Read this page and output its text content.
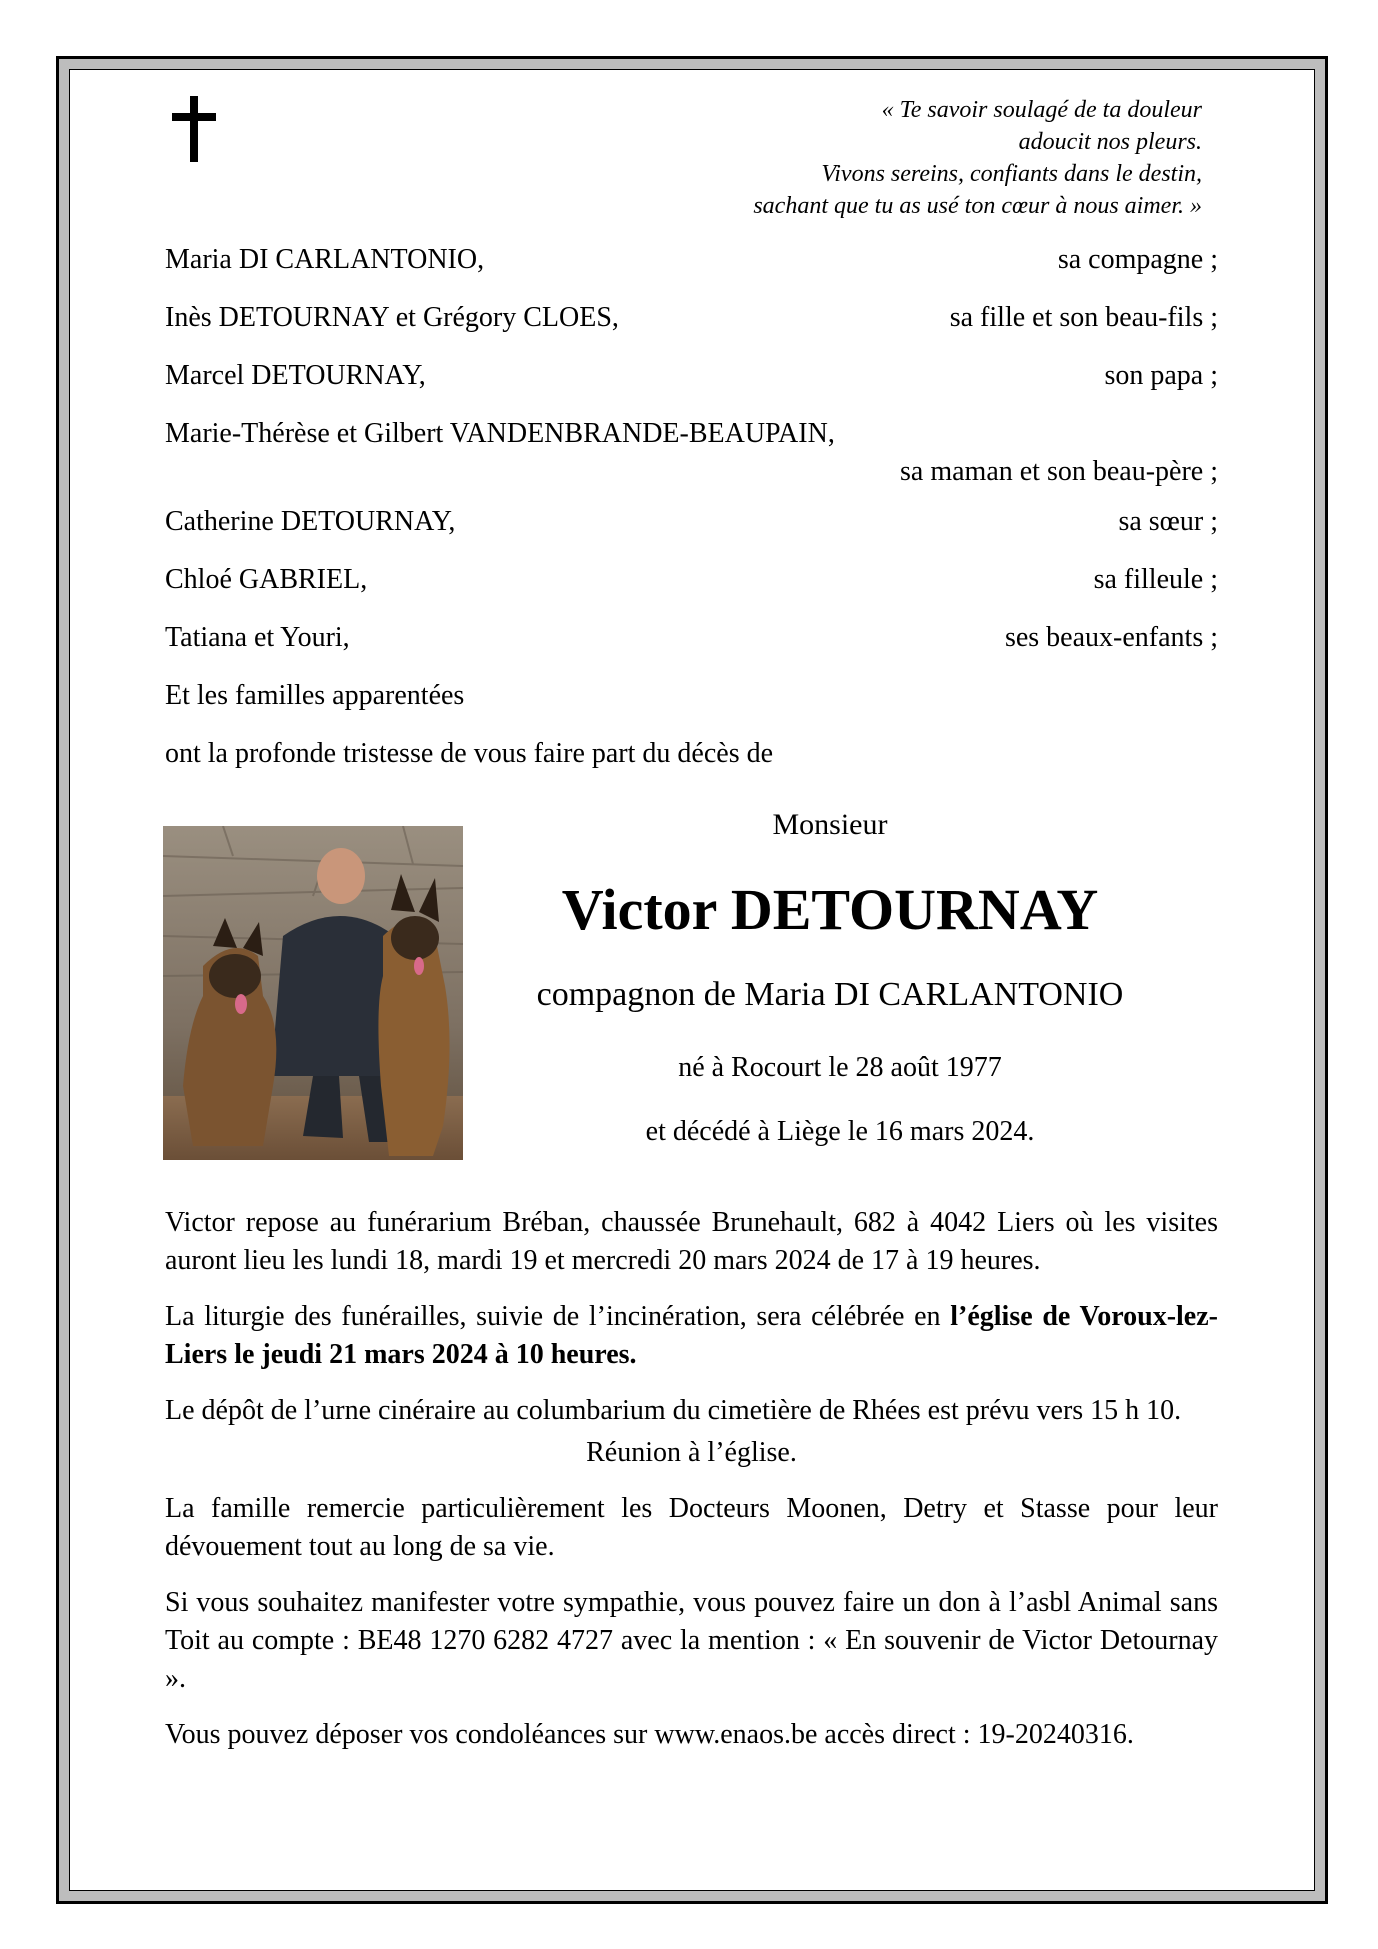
« Te savoir soulagé de ta douleur
adoucit nos pleurs.
Vivons sereins, confiants dans le destin,
sachant que tu as usé ton cœur à nous aimer. »
Maria DI CARLANTONIO,	sa compagne ;
Inès DETOURNAY et Grégory CLOES,	sa fille et son beau-fils ;
Marcel DETOURNAY,	son papa ;
Marie-Thérèse et Gilbert VANDENBRANDE-BEAUPAIN,
sa maman et son beau-père ;
Catherine DETOURNAY,	sa sœur ;
Chloé GABRIEL,	sa filleule ;
Tatiana et Youri,	ses beaux-enfants ;
Et les familles apparentées
ont la profonde tristesse de vous faire part du décès de
Monsieur
Victor DETOURNAY
compagnon de Maria DI CARLANTONIO
né à Rocourt le 28 août 1977
et décédé à Liège le 16 mars 2024.

Victor repose au funérarium Bréban, chaussée Brunehault, 682 à 4042 Liers où les visites auront lieu les lundi 18, mardi 19 et mercredi 20 mars 2024 de 17 à 19 heures.

La liturgie des funérailles, suivie de l’incinération, sera célébrée en l’église de Voroux-lez-Liers le jeudi 21 mars 2024 à 10 heures.

Le dépôt de l’urne cinéraire au columbarium du cimetière de Rhées est prévu vers 15 h 10.

Réunion à l’église.

La famille remercie particulièrement les Docteurs Moonen, Detry et Stasse pour leur dévouement tout au long de sa vie.

Si vous souhaitez manifester votre sympathie, vous pouvez faire un don à l’asbl Animal sans Toit au compte : BE48 1270 6282 4727 avec la mention : « En souvenir de Victor Detournay ».

Vous pouvez déposer vos condoléances sur www.enaos.be accès direct : 19-20240316.
